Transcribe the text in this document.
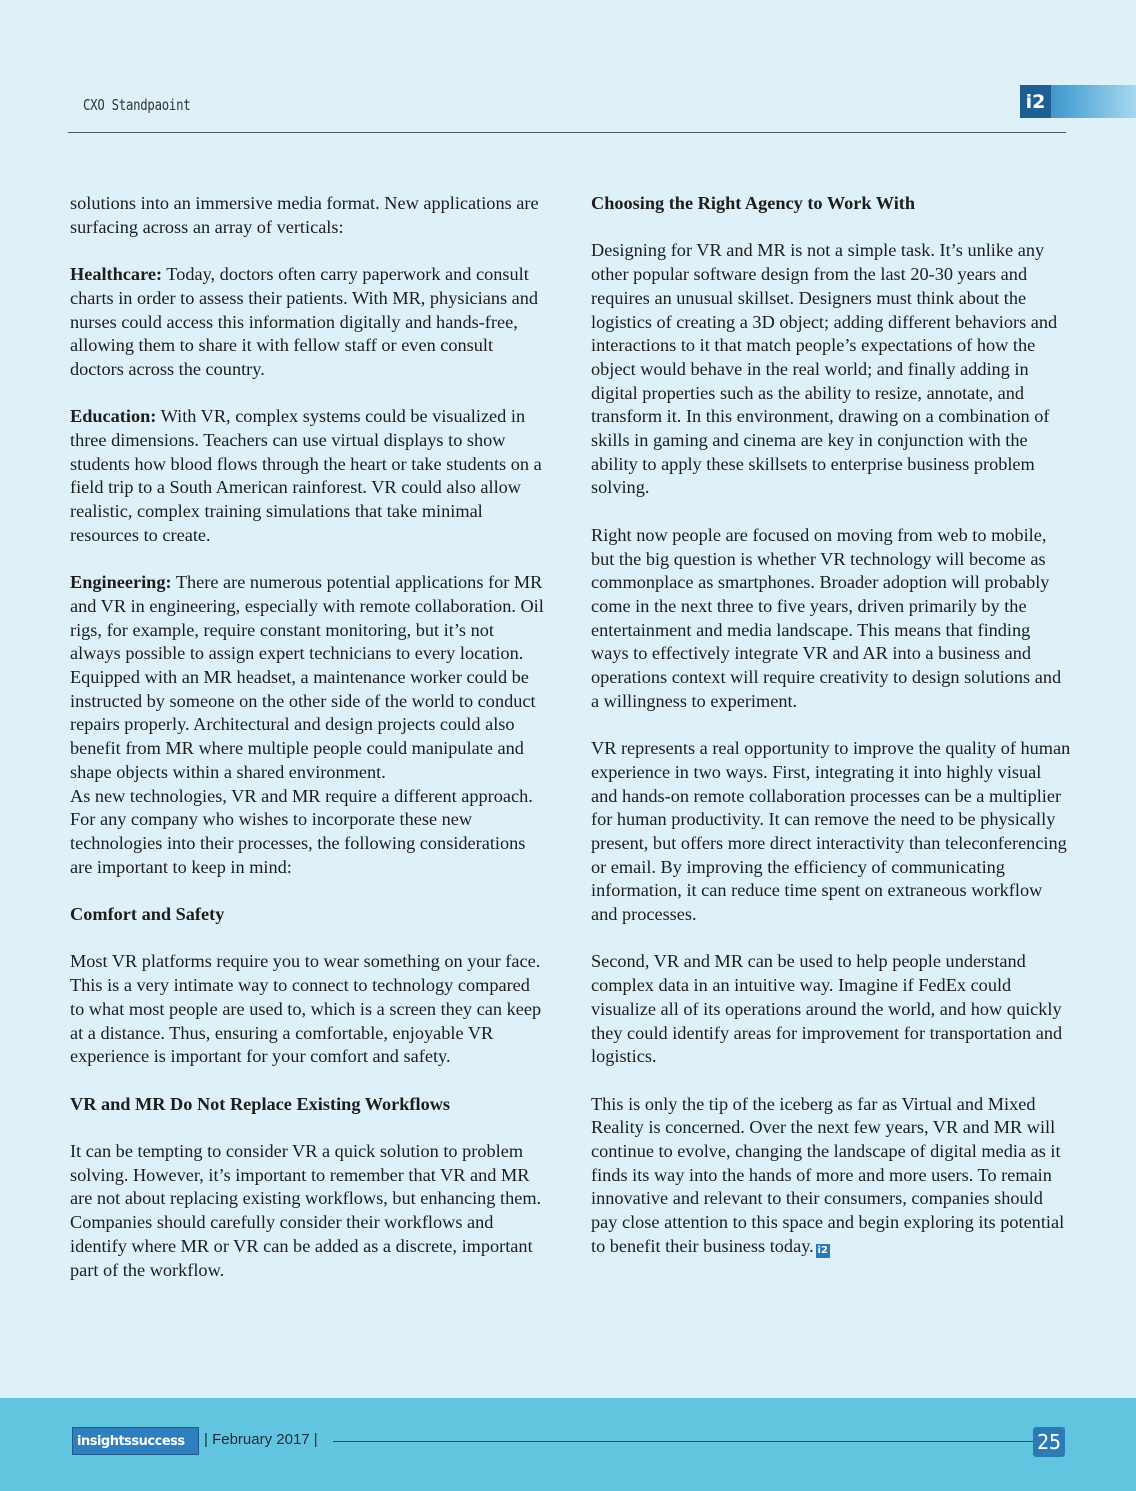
CXO Standpaoint	i2

solutions into an immersive media format. New applications are surfacing across an array of verticals:

Healthcare: Today, doctors often carry paperwork and consult charts in order to assess their patients. With MR, physicians and nurses could access this information digitally and hands-free, allowing them to share it with fellow staff or even consult doctors across the country.

Education: With VR, complex systems could be visualized in three dimensions. Teachers can use virtual displays to show students how blood flows through the heart or take students on a field trip to a South American rainforest. VR could also allow realistic, complex training simulations that take minimal resources to create.

Engineering: There are numerous potential applications for MR and VR in engineering, especially with remote collaboration. Oil rigs, for example, require constant monitoring, but it’s not always possible to assign expert technicians to every location. Equipped with an MR headset, a maintenance worker could be instructed by someone on the other side of the world to conduct repairs properly. Architectural and design projects could also benefit from MR where multiple people could manipulate and shape objects within a shared environment.

As new technologies, VR and MR require a different approach. For any company who wishes to incorporate these new technologies into their processes, the following considerations are important to keep in mind:

Comfort and Safety

Most VR platforms require you to wear something on your face. This is a very intimate way to connect to technology compared to what most people are used to, which is a screen they can keep at a distance. Thus, ensuring a comfortable, enjoyable VR experience is important for your comfort and safety.

VR and MR Do Not Replace Existing Workflows

It can be tempting to consider VR a quick solution to problem solving. However, it’s important to remember that VR and MR are not about replacing existing workflows, but enhancing them. Companies should carefully consider their workflows and identify where MR or VR can be added as a discrete, important part of the workflow.

Choosing the Right Agency to Work With

Designing for VR and MR is not a simple task. It’s unlike any other popular software design from the last 20-30 years and requires an unusual skillset. Designers must think about the logistics of creating a 3D object; adding different behaviors and interactions to it that match people’s expectations of how the object would behave in the real world; and finally adding in digital properties such as the ability to resize, annotate, and transform it. In this environment, drawing on a combination of skills in gaming and cinema are key in conjunction with the ability to apply these skillsets to enterprise business problem solving.

Right now people are focused on moving from web to mobile, but the big question is whether VR technology will become as commonplace as smartphones. Broader adoption will probably come in the next three to five years, driven primarily by the entertainment and media landscape. This means that finding ways to effectively integrate VR and AR into a business and operations context will require creativity to design solutions and a willingness to experiment.

VR represents a real opportunity to improve the quality of human experience in two ways. First, integrating it into highly visual and hands-on remote collaboration processes can be a multiplier for human productivity. It can remove the need to be physically present, but offers more direct interactivity than teleconferencing or email. By improving the efficiency of communicating information, it can reduce time spent on extraneous workflow and processes.

Second, VR and MR can be used to help people understand complex data in an intuitive way. Imagine if FedEx could visualize all of its operations around the world, and how quickly they could identify areas for improvement for transportation and logistics.

This is only the tip of the iceberg as far as Virtual and Mixed Reality is concerned. Over the next few years, VR and MR will continue to evolve, changing the landscape of digital media as it finds its way into the hands of more and more users. To remain innovative and relevant to their consumers, companies should pay close attention to this space and begin exploring its potential to benefit their business today. i2

insightssuccess | February 2017 |	25
